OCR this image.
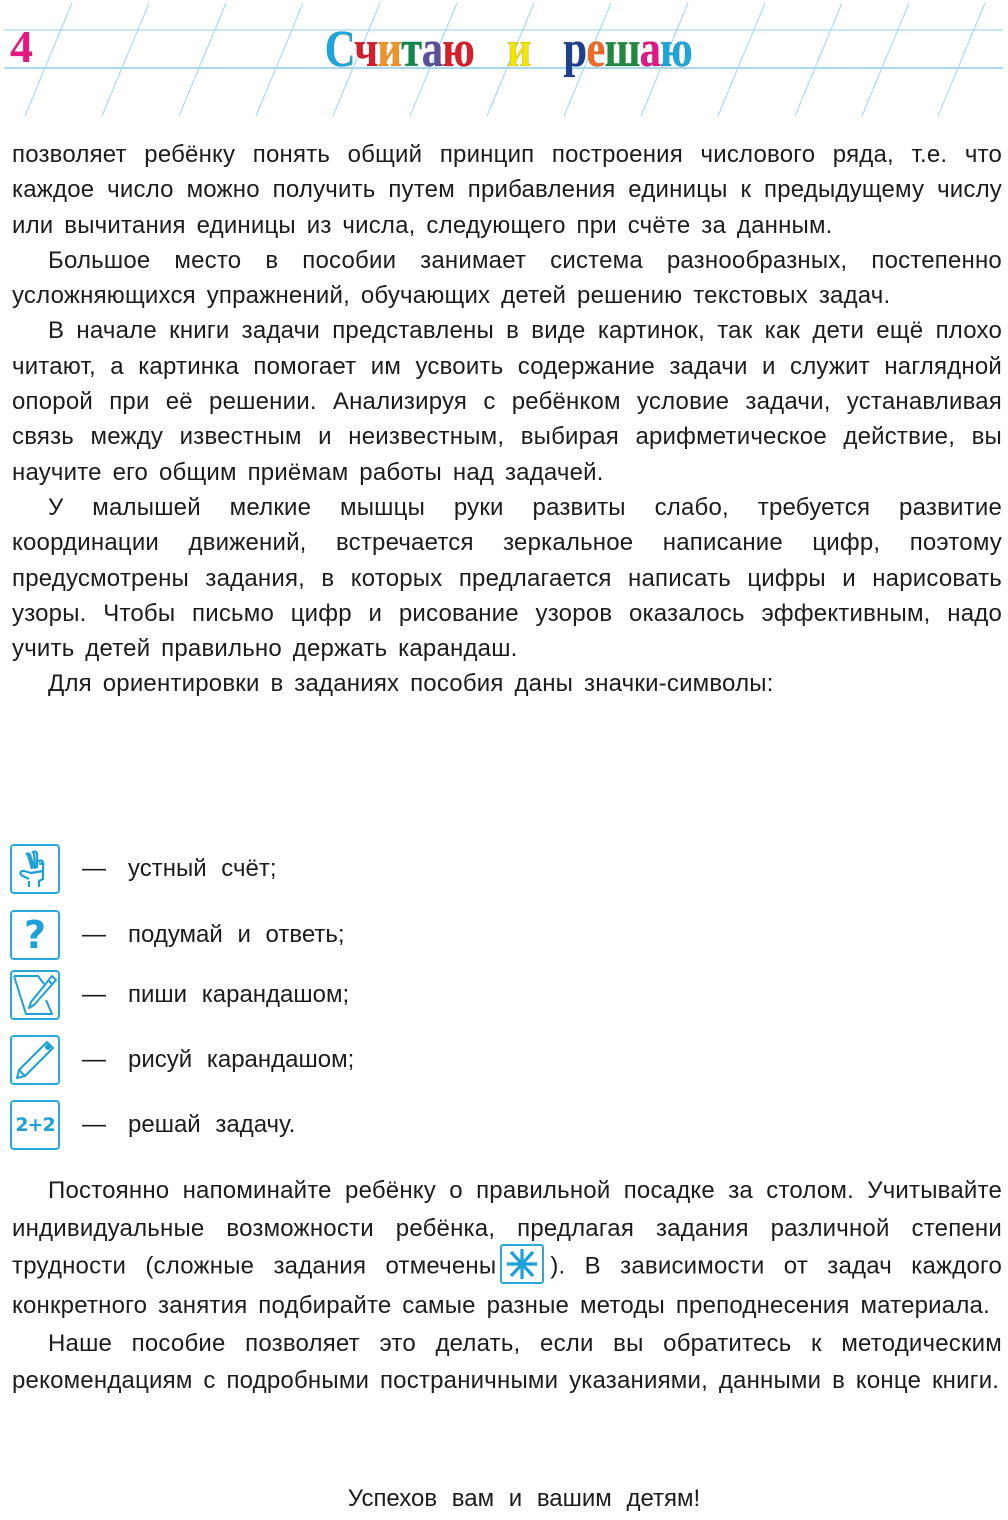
4	Считаю и решаю

позволяет ребёнку понять общий принцип построения числового ряда, т.е. что каждое число можно получить путем прибавления единицы к предыдущему числу или вычитания единицы из числа, следующего при счёте за данным.

Большое место в пособии занимает система разнообразных, постепенно усложняющихся упражнений, обучающих детей решению текстовых задач.

В начале книги задачи представлены в виде картинок, так как дети ещё плохо читают, а картинка помогает им усвоить содержание задачи и служит наглядной опорой при её решении. Анализируя с ребёнком условие задачи, устанавливая связь между известным и неизвестным, выбирая арифметическое действие, вы научите его общим приёмам работы над задачей.

У малышей мелкие мышцы руки развиты слабо, требуется развитие координации движений, встречается зеркальное написание цифр, поэтому предусмотрены задания, в которых предлагается написать цифры и нарисовать узоры. Чтобы письмо цифр и рисование узоров оказалось эффективным, надо учить детей правильно держать карандаш.

Для ориентировки в заданиях пособия даны значки-символы:

— устный счёт;
? — подумай и ответь;
— пиши карандашом;
— рисуй карандашом;
2+2 — решай задачу.

Постоянно напоминайте ребёнку о правильной посадке за столом. Учитывайте индивидуальные возможности ребёнка, предлагая задания различной степени трудности (сложные задания отмечены ). В зависимости от задач каждого конкретного занятия подбирайте самые разные методы преподнесения материала.

Наше пособие позволяет это делать, если вы обратитесь к методическим рекомендациям с подробными постраничными указаниями, данными в конце книги.

Успехов вам и вашим детям!
